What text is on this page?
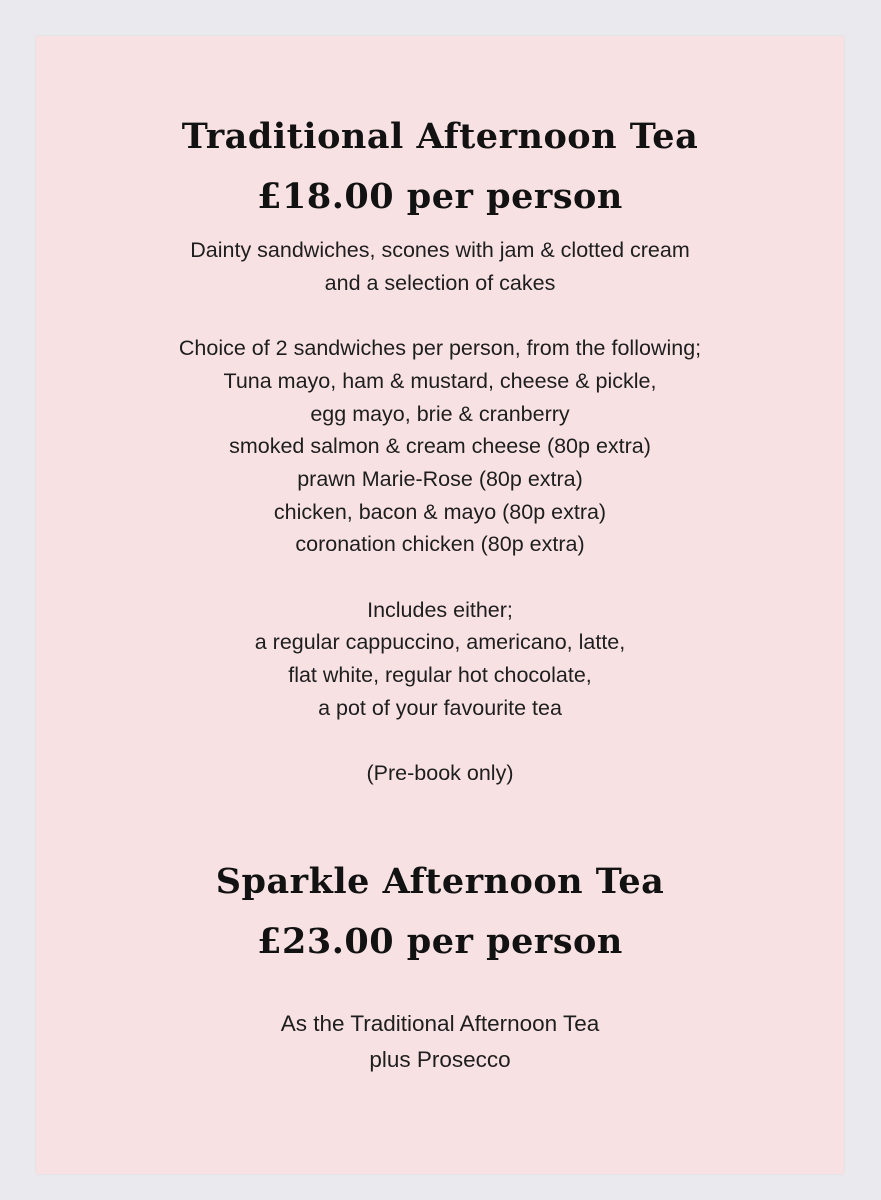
Traditional Afternoon Tea
£18.00 per person
Dainty sandwiches, scones with jam & clotted cream
and a selection of cakes
Choice of 2 sandwiches per person, from the following;
Tuna mayo, ham & mustard, cheese & pickle,
egg mayo, brie & cranberry
smoked salmon & cream cheese (80p extra)
prawn Marie-Rose (80p extra)
chicken, bacon & mayo (80p extra)
coronation chicken (80p extra)
Includes either;
a regular cappuccino, americano, latte,
flat white, regular hot chocolate,
a pot of your favourite tea
(Pre-book only)
Sparkle Afternoon Tea
£23.00 per person
As the Traditional Afternoon Tea
plus Prosecco
